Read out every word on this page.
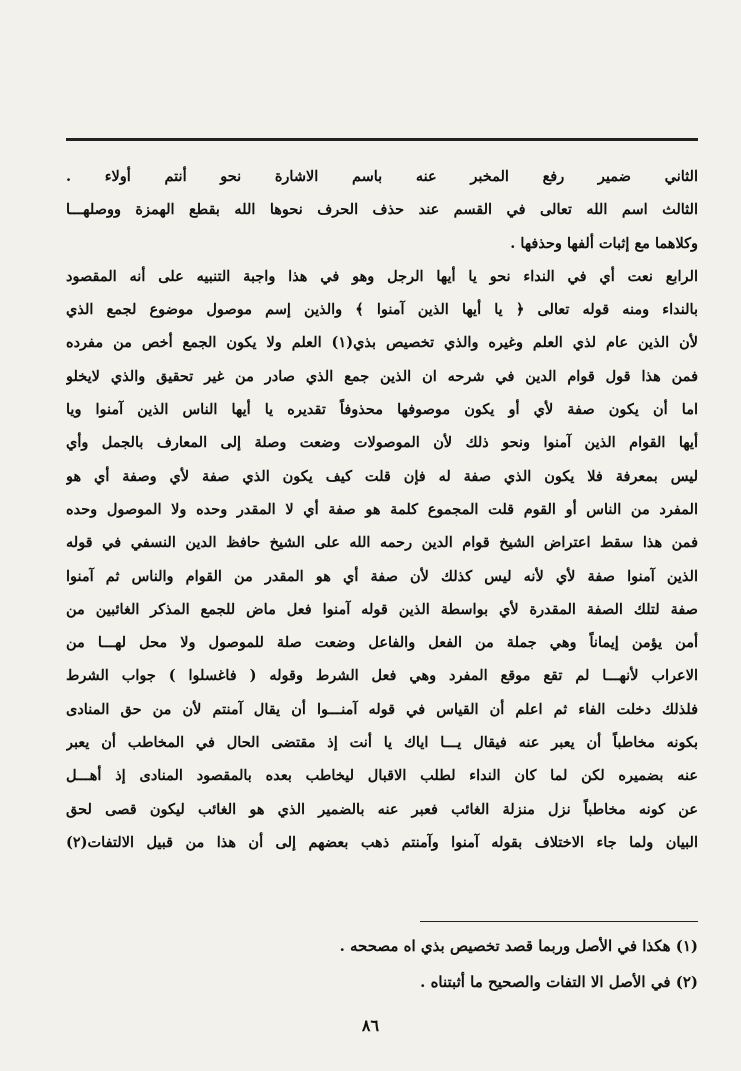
الثاني ضمير رفع المخبر عنه باسم الاشارة نحو أنتم أولاء .
الثالث اسم الله تعالى في القسم عند حذف الحرف نحوها الله بقطع الهمزة ووصلهـــا
وكلاهما مع إثبات ألفها وحذفها .
الرابع نعت أي في النداء نحو يا أيها الرجل وهو في هذا واجبة التنبيه على أنه المقصود
بالنداء ومنه قوله تعالى ﴿ يا أيها الذين آمنوا ﴾ والذين إسم موصول موضوع لجمع الذي
لأن الذين عام لذي العلم وغيره والذي تخصيص بذي(١) العلم ولا يكون الجمع أخص من مفرده
فمن هذا قول قوام الدين في شرحه ان الذين جمع الذي صادر من غير تحقيق والذي لايخلو
اما أن يكون صفة لأي أو يكون موصوفها محذوفاً تقديره يا أيها الناس الذين آمنوا ويا
أيها القوام الذين آمنوا ونحو ذلك لأن الموصولات وضعت وصلة إلى المعارف بالجمل وأي
ليس بمعرفة فلا يكون الذي صفة له فإن قلت كيف يكون الذي صفة لأي وصفة أي هو
المفرد من الناس أو القوم قلت المجموع كلمة هو صفة أي لا المقدر وحده ولا الموصول وحده
فمن هذا سقط اعتراض الشيخ قوام الدين رحمه الله على الشيخ حافظ الدين النسفي في قوله
الذين آمنوا صفة لأي لأنه ليس كذلك لأن صفة أي هو المقدر من القوام والناس ثم آمنوا
صفة لتلك الصفة المقدرة لأي بواسطة الذين قوله آمنوا فعل ماض للجمع المذكر الغائبين من
أمن يؤمن إيماناً وهي جملة من الفعل والفاعل وضعت صلة للموصول ولا محل لهـــا من
الاعراب لأنهـــا لم تقع موقع المفرد وهي فعل الشرط وقوله ( فاغسلوا ) جواب الشرط
فلذلك دخلت الفاء ثم اعلم أن القياس في قوله آمنـــوا أن يقال آمنتم لأن من حق المنادى
بكونه مخاطباً أن يعبر عنه فيقال يـــا اياك يا أنت إذ مقتضى الحال في المخاطب أن يعبر
عنه بضميره لكن لما كان النداء لطلب الاقبال ليخاطب بعده بالمقصود المنادى إذ أهـــل
عن كونه مخاطباً نزل منزلة الغائب فعبر عنه بالضمير الذي هو الغائب ليكون قصى لحق
البيان ولما جاء الاختلاف بقوله آمنوا وآمنتم ذهب بعضهم إلى أن هذا من قبيل الالتفات(٢)
(١) هكذا في الأصل وربما قصد تخصيص بذي اه مصححه .
(٢) في الأصل الا التفات والصحيح ما أثبتناه .
٨٦
